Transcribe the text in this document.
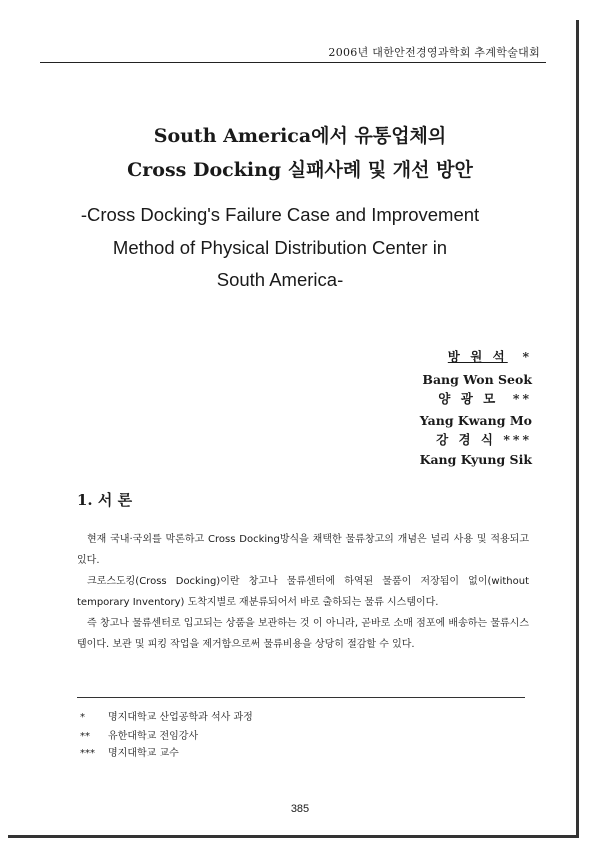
2006년 대한안전경영과학회 추계학술대회
South America에서 유통업체의
Cross Docking 실패사례 및 개선 방안
-Cross Docking's Failure Case and Improvement
Method of Physical Distribution Center in
South America-
방 원 석 *
Bang Won Seok
양 광 모 **
Yang Kwang Mo
강 경 식 ***
Kang Kyung Sik
1. 서 론
현재 국내·국외를 막론하고 Cross Docking방식을 채택한 물류창고의 개념은 널리 사용 및 적용되고 있다.
크로스도킹(Cross Docking)이란 창고나 물류센터에 하역된 물품이 저장됨이 없이(without temporary Inventory) 도착지별로 재분류되어서 바로 출하되는 물류 시스템이다.
즉 창고나 물류센터로 입고되는 상품을 보관하는 것 이 아니라, 곧바로 소매 점포에 배송하는 물류시스템이다. 보관 및 피킹 작업을 제거함으로써 물류비용을 상당히 절감할 수 있다.
* 명지대학교 산업공학과 석사 과정
** 유한대학교 전임강사
*** 명지대학교 교수
385
